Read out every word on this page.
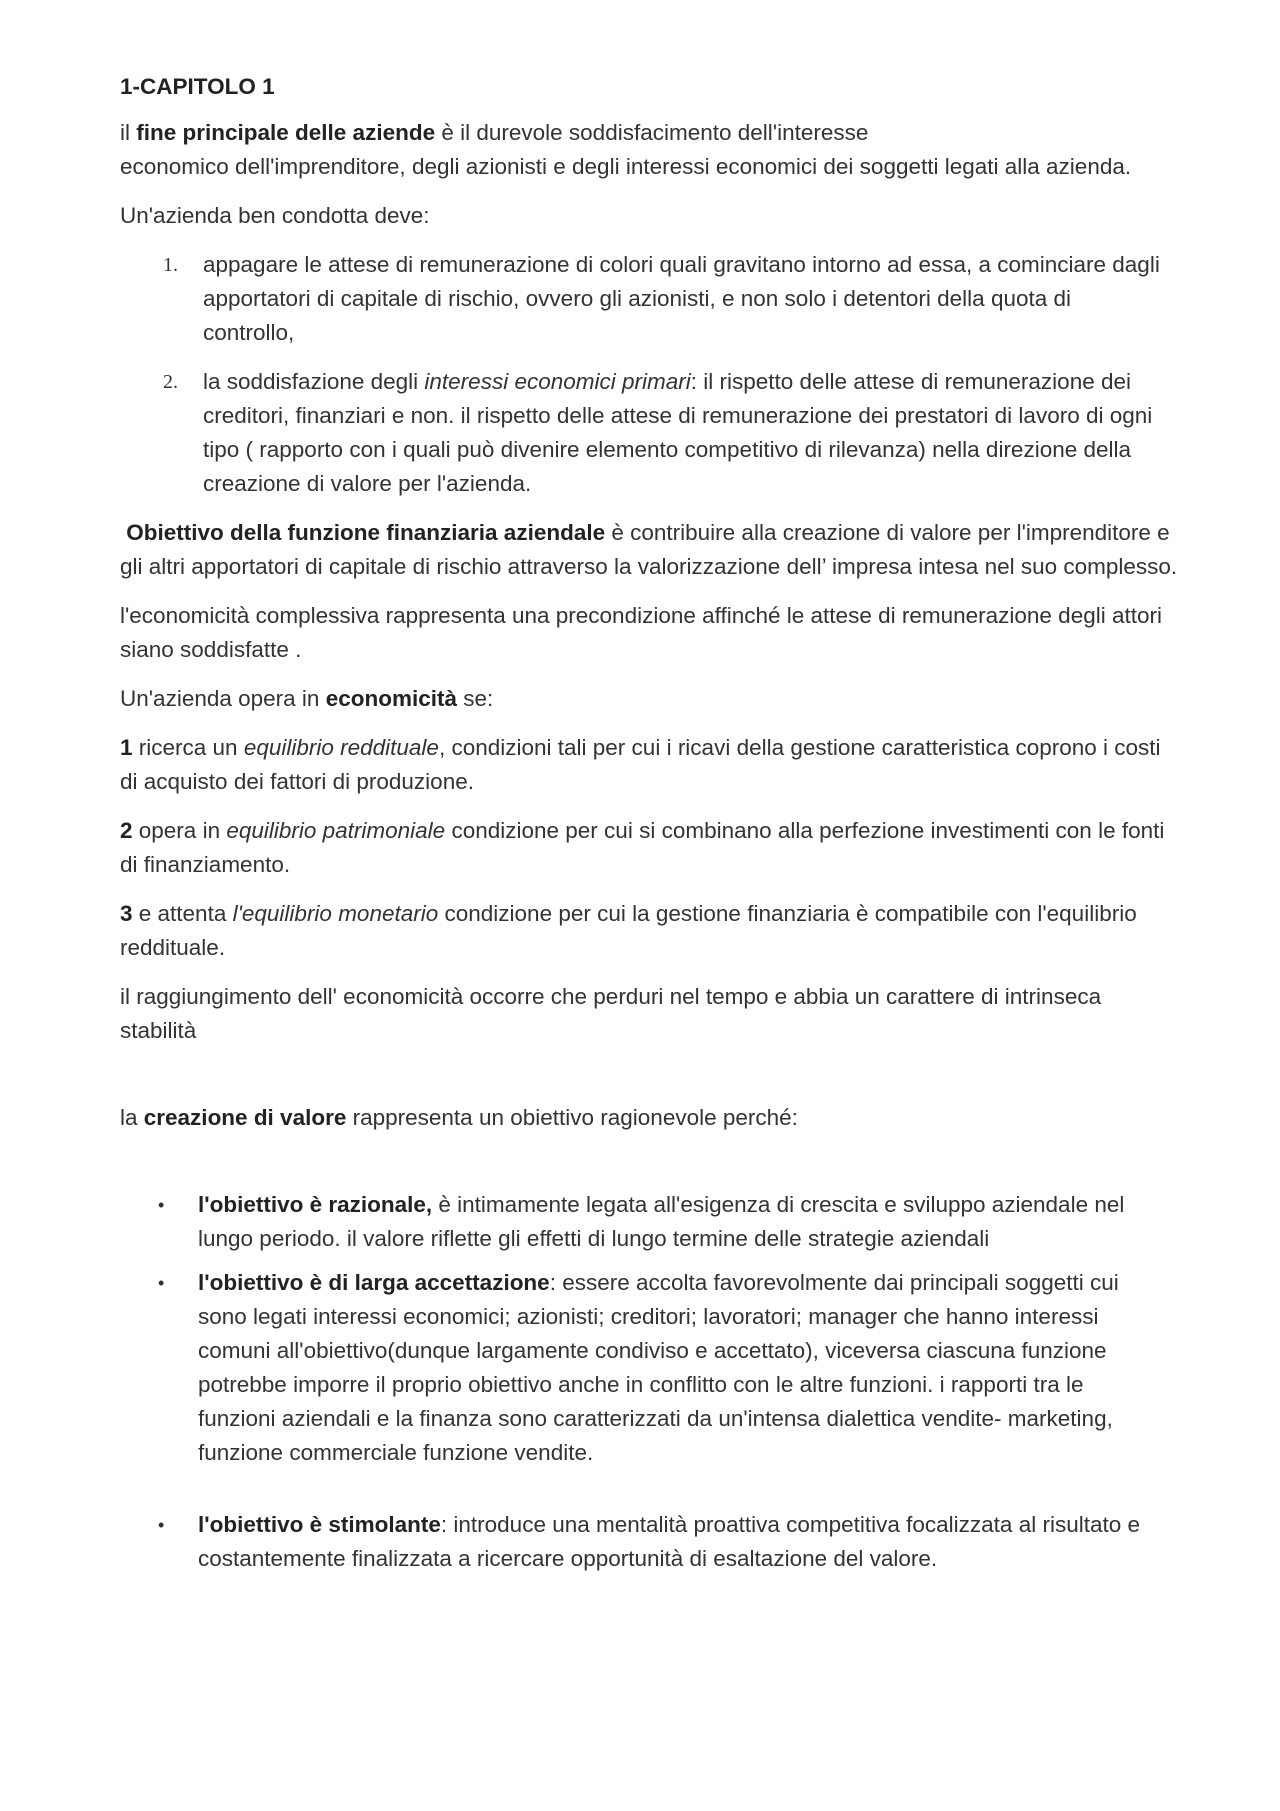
1-CAPITOLO 1

il fine principale delle aziende è il durevole soddisfacimento dell'interesse
economico dell'imprenditore, degli azionisti e degli interessi economici dei soggetti legati alla azienda.

Un'azienda ben condotta deve:

1.	appagare le attese di remunerazione di colori quali gravitano intorno ad essa, a cominciare dagli apportatori di capitale di rischio, ovvero gli azionisti, e non solo i detentori della quota di controllo,
2.	la soddisfazione degli interessi economici primari: il rispetto delle attese di remunerazione dei creditori, finanziari e non. il rispetto delle attese di remunerazione dei prestatori di lavoro di ogni tipo ( rapporto con i quali può divenire elemento competitivo di rilevanza) nella direzione della creazione di valore per l'azienda.

Obiettivo della funzione finanziaria aziendale è contribuire alla creazione di valore per l'imprenditore e gli altri apportatori di capitale di rischio attraverso la valorizzazione dell’ impresa intesa nel suo complesso.

l'economicità complessiva rappresenta una precondizione affinché le attese di remunerazione degli attori siano soddisfatte .

Un'azienda opera in economicità se:

1 ricerca un equilibrio reddituale, condizioni tali per cui i ricavi della gestione caratteristica coprono i costi di acquisto dei fattori di produzione.

2 opera in equilibrio patrimoniale condizione per cui si combinano alla perfezione investimenti con le fonti di finanziamento.

3 e attenta l'equilibrio monetario condizione per cui la gestione finanziaria è compatibile con l'equilibrio reddituale.

il raggiungimento dell' economicità occorre che perduri nel tempo e abbia un carattere di intrinseca stabilità

la creazione di valore rappresenta un obiettivo ragionevole perché:

•	l'obiettivo è razionale, è intimamente legata all'esigenza di crescita e sviluppo aziendale nel lungo periodo. il valore riflette gli effetti di lungo termine delle strategie aziendali
•	l'obiettivo è di larga accettazione: essere accolta favorevolmente dai principali soggetti cui sono legati interessi economici; azionisti; creditori; lavoratori; manager che hanno interessi comuni all'obiettivo(dunque largamente condiviso e accettato), viceversa ciascuna funzione potrebbe imporre il proprio obiettivo anche in conflitto con le altre funzioni. i rapporti tra le funzioni aziendali e la finanza sono caratterizzati da un'intensa dialettica vendite- marketing, funzione commerciale funzione vendite.
•	l'obiettivo è stimolante: introduce una mentalità proattiva competitiva focalizzata al risultato e costantemente finalizzata a ricercare opportunità di esaltazione del valore.
